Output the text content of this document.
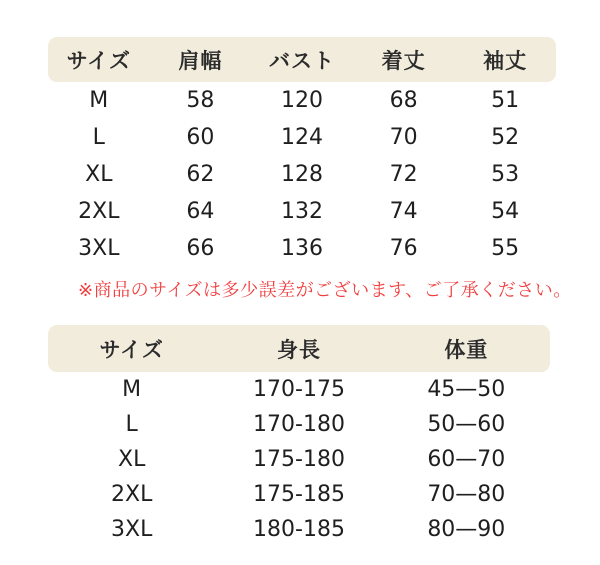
サイズ	肩幅	バスト	着丈	袖丈
M	58	120	68	51
L	60	124	70	52
XL	62	128	72	53
2XL	64	132	74	54
3XL	66	136	76	55
※商品のサイズは多少誤差がございます、ご了承ください。
サイズ	身長	体重
M	170-175	45—50
L	170-180	50—60
XL	175-180	60—70
2XL	175-185	70—80
3XL	180-185	80—90
